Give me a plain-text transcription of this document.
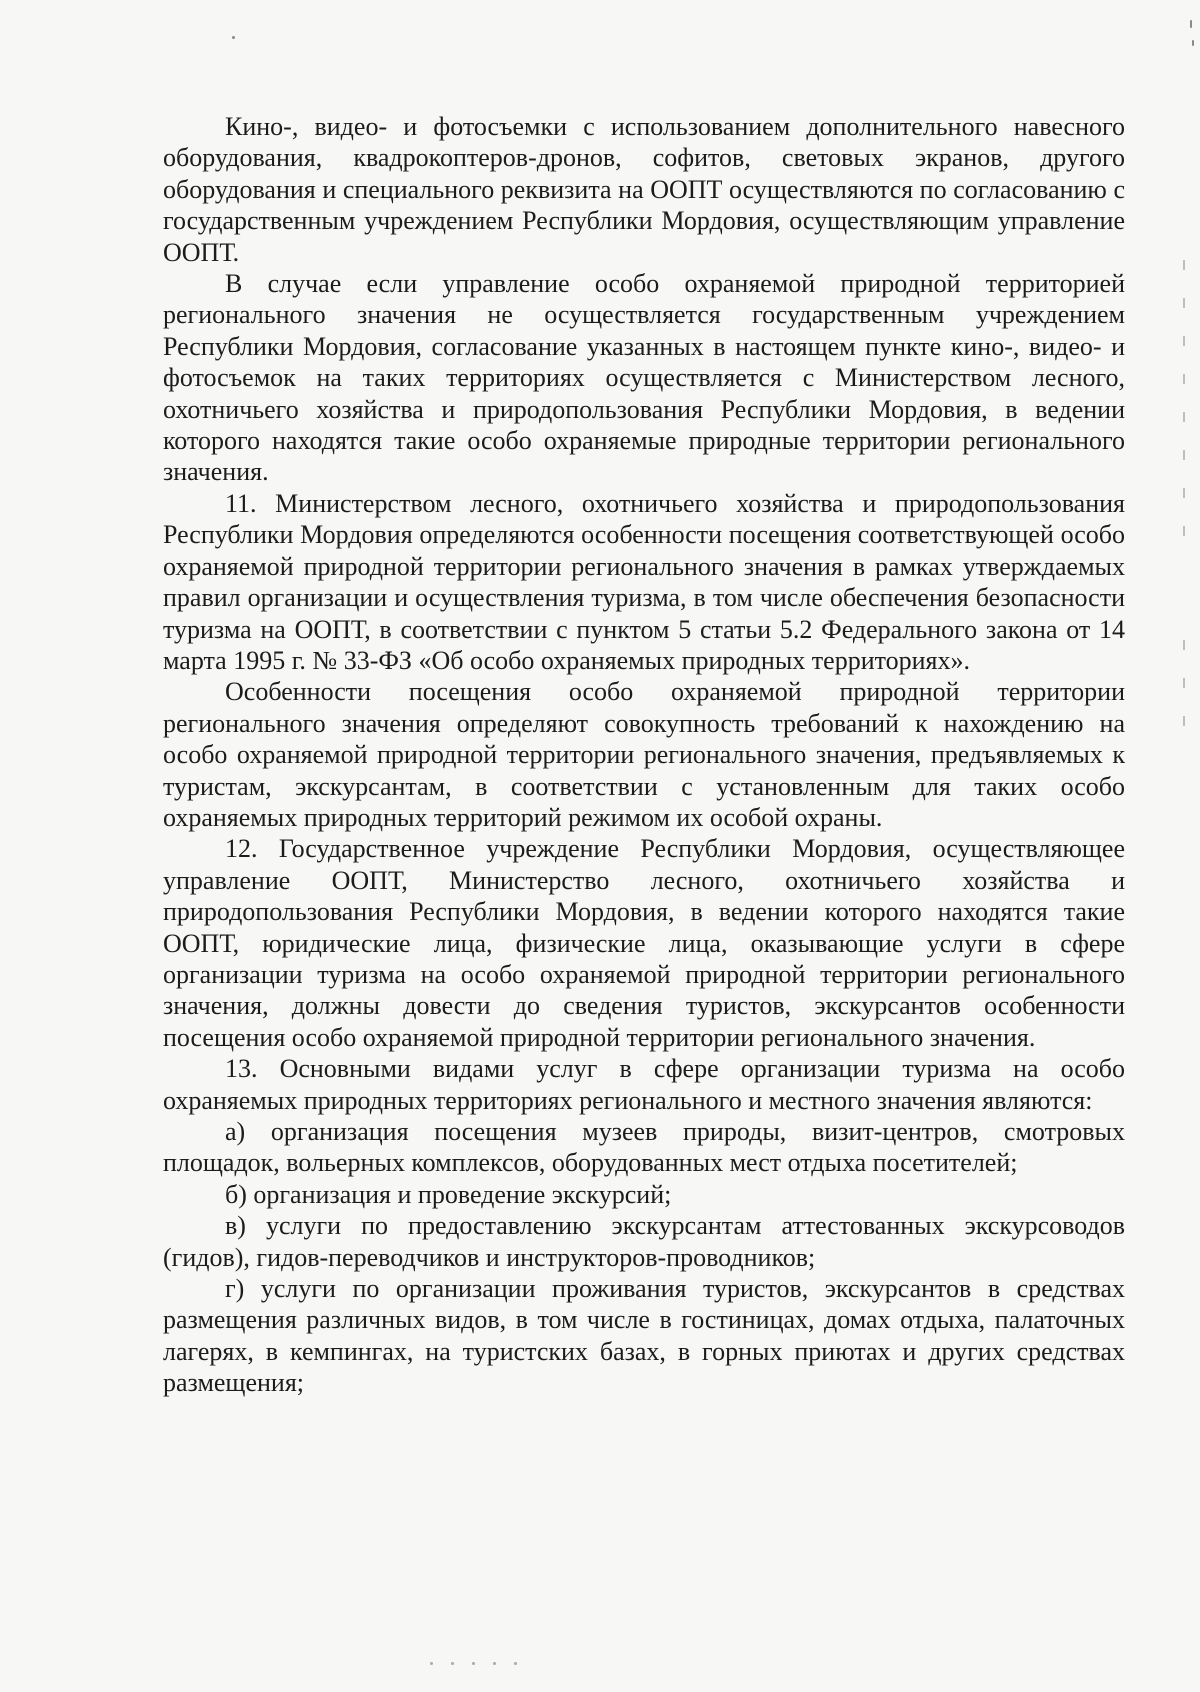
Кино-, видео- и фотосъемки с использованием дополнительного навесного оборудования, квадрокоптеров-дронов, софитов, световых экранов, другого оборудования и специального реквизита на ООПТ осуществляются по согласованию с государственным учреждением Республики Мордовия, осуществляющим управление ООПТ.

В случае если управление особо охраняемой природной территорией регионального значения не осуществляется государственным учреждением Республики Мордовия, согласование указанных в настоящем пункте кино-, видео- и фотосъемок на таких территориях осуществляется с Министерством лесного, охотничьего хозяйства и природопользования Республики Мордовия, в ведении которого находятся такие особо охраняемые природные территории регионального значения.

11. Министерством лесного, охотничьего хозяйства и природопользования Республики Мордовия определяются особенности посещения соответствующей особо охраняемой природной территории регионального значения в рамках утверждаемых правил организации и осуществления туризма, в том числе обеспечения безопасности туризма на ООПТ, в соответствии с пунктом 5 статьи 5.2 Федерального закона от 14 марта 1995 г. № 33-ФЗ «Об особо охраняемых природных территориях».

Особенности посещения особо охраняемой природной территории регионального значения определяют совокупность требований к нахождению на особо охраняемой природной территории регионального значения, предъявляемых к туристам, экскурсантам, в соответствии с установленным для таких особо охраняемых природных территорий режимом их особой охраны.

12. Государственное учреждение Республики Мордовия, осуществляющее управление ООПТ, Министерство лесного, охотничьего хозяйства и природопользования Республики Мордовия, в ведении которого находятся такие ООПТ, юридические лица, физические лица, оказывающие услуги в сфере организации туризма на особо охраняемой природной территории регионального значения, должны довести до сведения туристов, экскурсантов особенности посещения особо охраняемой природной территории регионального значения.

13. Основными видами услуг в сфере организации туризма на особо охраняемых природных территориях регионального и местного значения являются:

а) организация посещения музеев природы, визит-центров, смотровых площадок, вольерных комплексов, оборудованных мест отдыха посетителей;

б) организация и проведение экскурсий;

в) услуги по предоставлению экскурсантам аттестованных экскурсоводов (гидов), гидов-переводчиков и инструкторов-проводников;

г) услуги по организации проживания туристов, экскурсантов в средствах размещения различных видов, в том числе в гостиницах, домах отдыха, палаточных лагерях, в кемпингах, на туристских базах, в горных приютах и других средствах размещения;
